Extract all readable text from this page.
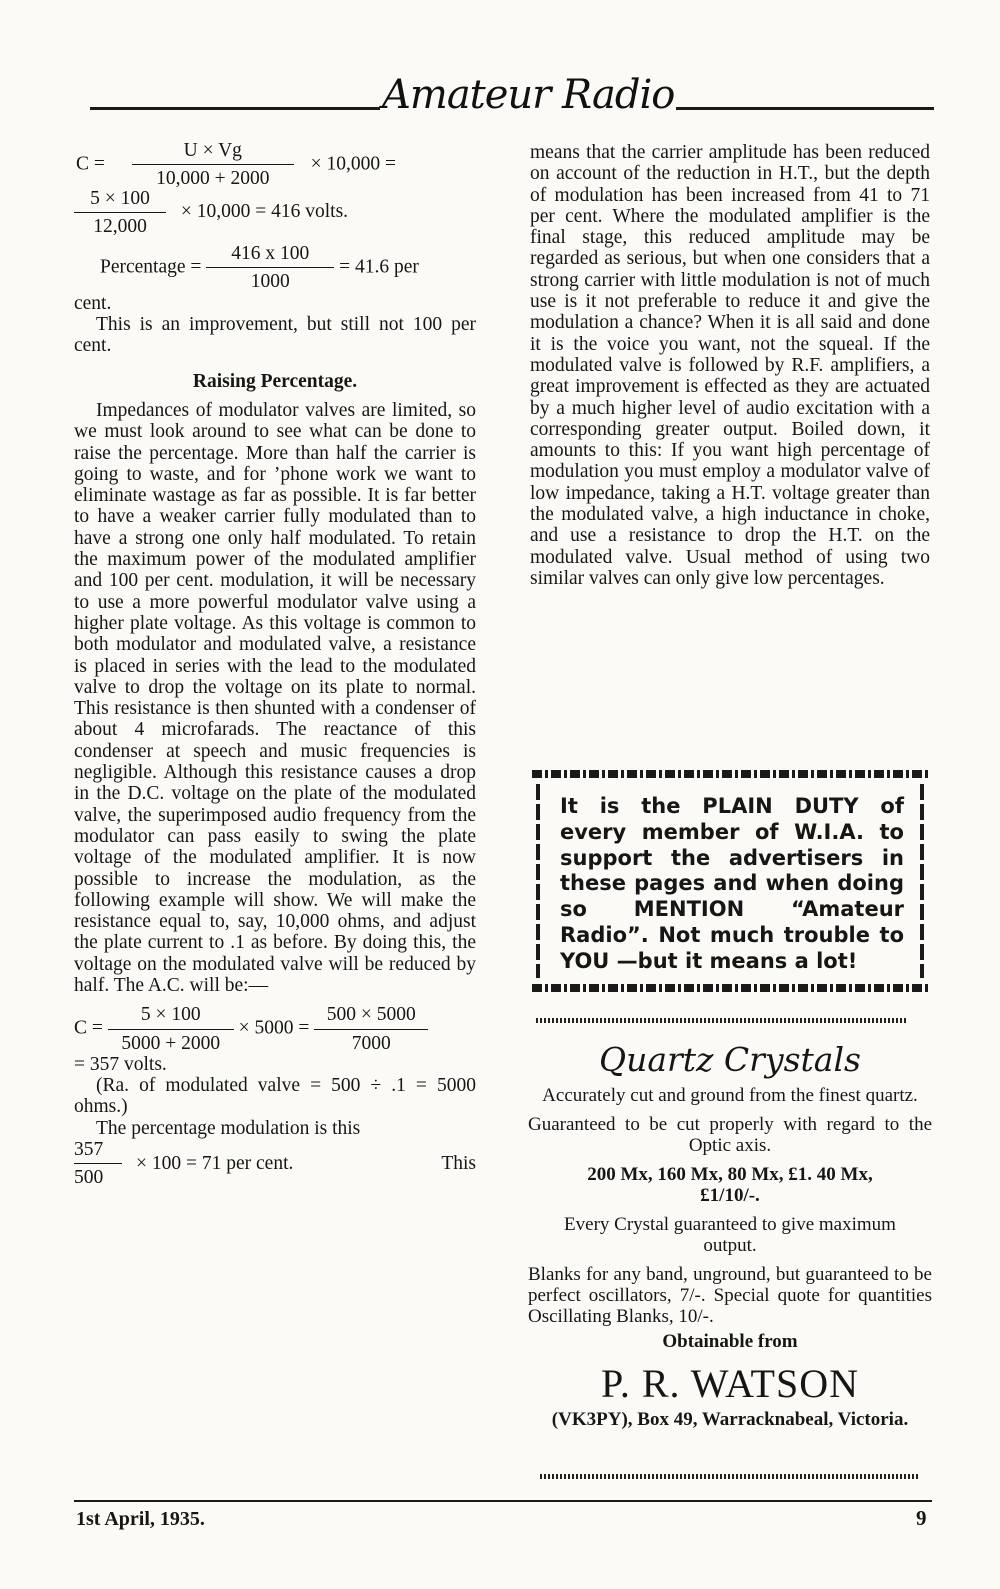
Amateur Radio
$C = \frac{U \times Vg}{10,000 + 2000} \times 10,000$ =
$\frac{5 \times 100}{12,000} \times 10,000 = 416$ volts.
Percentage = $\frac{416 x 100}{1000} = 41.6$ per

cent.

This is an improvement, but still not 100 per cent.

Raising Percentage.

Impedances of modulator valves are limited, so we must look around to see what can be done to raise the percentage. More than half the carrier is going to waste, and for ’phone work we want to eliminate wastage as far as possible. It is far better to have a weaker carrier fully modulated than to have a strong one only half modulated. To retain the maximum power of the modulated amplifier and 100 per cent. modulation, it will be necessary to use a more powerful modulator valve using a higher plate voltage. As this voltage is common to both modulator and modulated valve, a resistance is placed in series with the lead to the modulated valve to drop the voltage on its plate to normal. This resistance is then shunted with a condenser of about 4 microfarads. The reactance of this condenser at speech and music frequencies is negligible. Although this resistance causes a drop in the D.C. voltage on the plate of the modulated valve, the superimposed audio frequency from the modulator can pass easily to swing the plate voltage of the modulated amplifier. It is now possible to increase the modulation, as the following example will show. We will make the resistance equal to, say, 10,000 ohms, and adjust the plate current to .1 as before. By doing this, the voltage on the modulated valve will be reduced by half. The A.C. will be:—

$C = \frac{5 \times 100}{5000 + 2000} \times 5000 = \frac{500 \times 5000}{7000}$

= 357 volts.

(Ra. of modulated valve = 500 ÷ .1 = 5000 ohms.)

The percentage modulation is this

$\frac{357}{500} \times 100 = 71$ per cent.	This

means that the carrier amplitude has been reduced on account of the reduction in H.T., but the depth of modulation has been increased from 41 to 71 per cent. Where the modulated amplifier is the final stage, this reduced amplitude may be regarded as serious, but when one considers that a strong carrier with little modulation is not of much use is it not preferable to reduce it and give the modulation a chance? When it is all said and done it is the voice you want, not the squeal. If the modulated valve is followed by R.F. amplifiers, a great improvement is effected as they are actuated by a much higher level of audio excitation with a corresponding greater output. Boiled down, it amounts to this: If you want high percentage of modulation you must employ a modulator valve of low impedance, taking a H.T. voltage greater than the modulated valve, a high inductance in choke, and use a resistance to drop the H.T. on the modulated valve. Usual method of using two similar valves can only give low percentages.

It is the PLAIN DUTY of every member of W.I.A. to support the advertisers in these pages and when doing so MENTION “Amateur Radio”. Not much trouble to YOU —but it means a lot!
Quartz Crystals

Accurately cut and ground from the finest quartz.

Guaranteed to be cut properly with regard to the Optic axis.

200 Mx, 160 Mx, 80 Mx, £1. 40 Mx, £1/10/-.

Every Crystal guaranteed to give maximum output.

Blanks for any band, unground, but guaranteed to be perfect oscillators, 7/-. Special quote for quantities Oscillating Blanks, 10/-.

Obtainable from

P. R. WATSON

(VK3PY), Box 49, Warracknabeal, Victoria.

1st April, 1935.	9
